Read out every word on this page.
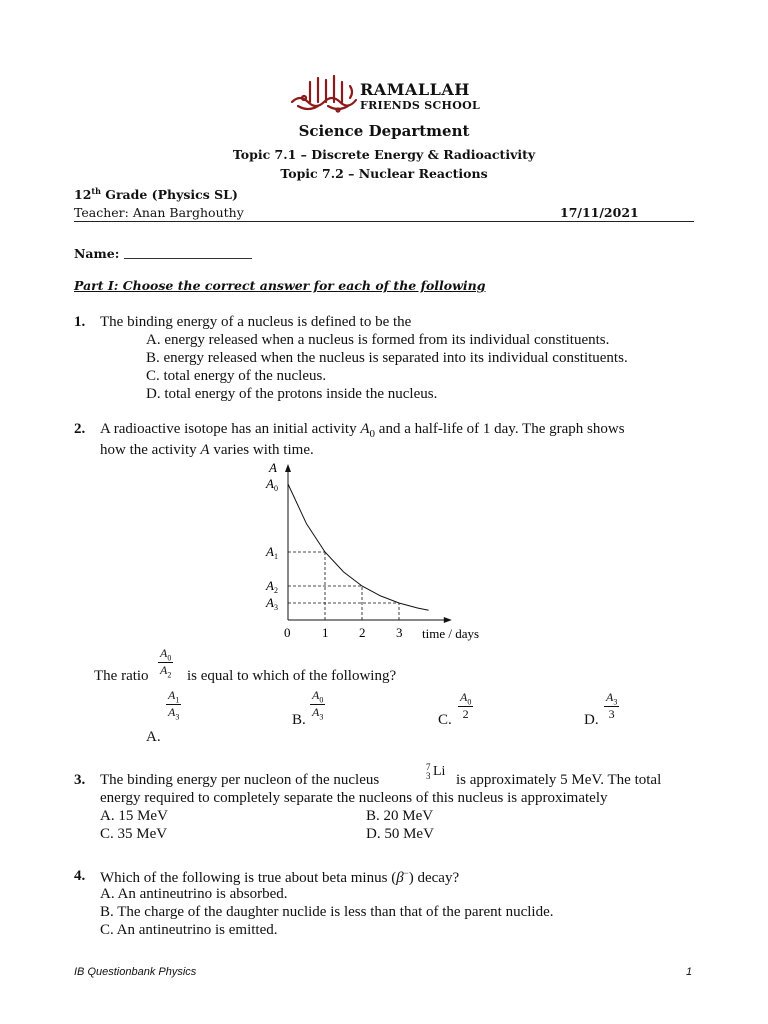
RAMALLAH
FRIENDS SCHOOL
Science Department
Topic 7.1 – Discrete Energy & Radioactivity
Topic 7.2 – Nuclear Reactions
12th Grade (Physics SL)
Teacher: Anan Barghouthy	17/11/2021
Name:
Part I: Choose the correct answer for each of the following
1. The binding energy of a nucleus is defined to be the
A. energy released when a nucleus is formed from its individual constituents.
B. energy released when the nucleus is separated into its individual constituents.
C. total energy of the nucleus.
D. total energy of the protons inside the nucleus.
2. A radioactive isotope has an initial activity $A_0$ and a half-life of 1 day. The graph shows
how the activity A varies with time.
0 1 2 3 time / days
A
$A_0$
$A_1$
$A_2$
$A_3$
The ratio $\frac{A_0}{A_2}$ is equal to which of the following?
$\frac{A_1}{A_3}$
A.
B. $\frac{A_0}{A_3}$	C. $\frac{A_0}{2}$	D. $\frac{A_3}{3}$
3. The binding energy per nucleon of the nucleus
7
3 Li
is approximately 5 MeV. The total
energy required to completely separate the nucleons of this nucleus is approximately
A. 15 MeV	B. 20 MeV
C. 35 MeV	D. 50 MeV
4. Which of the following is true about beta minus (β−) decay?
A. An antineutrino is absorbed.
B. The charge of the daughter nuclide is less than that of the parent nuclide.
C. An antineutrino is emitted.
IB Questionbank Physics	1
